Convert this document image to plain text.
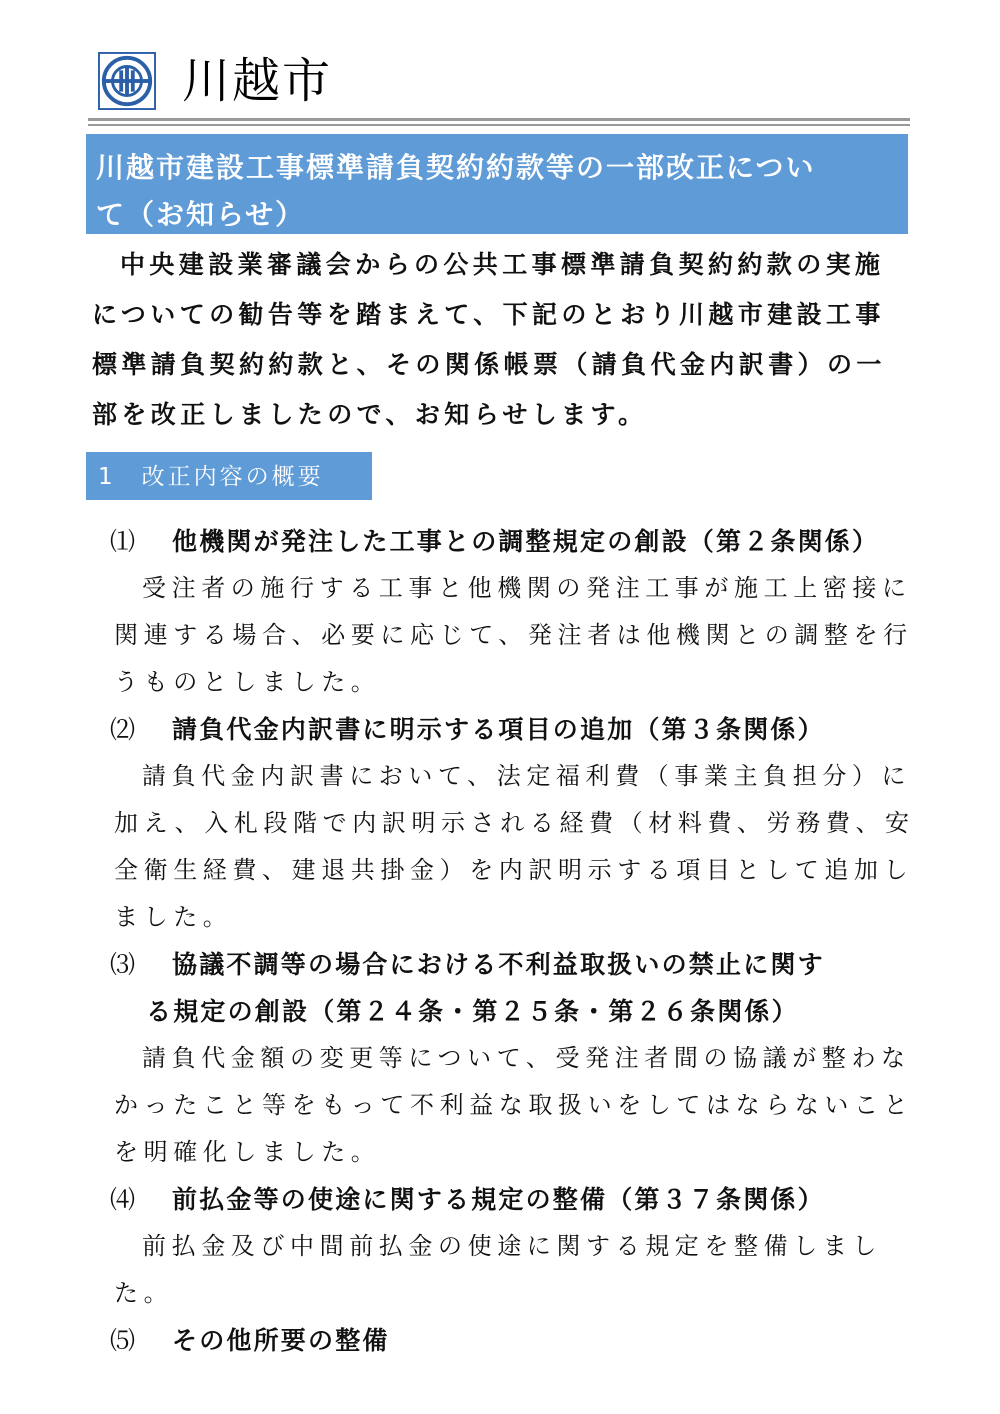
川越市
川越市建設工事標準請負契約約款等の一部改正につい
て（お知らせ）

中央建設業審議会からの公共工事標準請負契約約款の実施についての勧告等を踏まえて、下記のとおり川越市建設工事標準請負契約約款と、その関係帳票（請負代金内訳書）の一部を改正しましたので、お知らせします。

1　改正内容の概要
⑴ 他機関が発注した工事との調整規定の創設（第２条関係）

受注者の施行する工事と他機関の発注工事が施工上密接に関連する場合、必要に応じて、発注者は他機関との調整を行うものとしました。

⑵ 請負代金内訳書に明示する項目の追加（第３条関係）

請負代金内訳書において、法定福利費（事業主負担分）に加え、入札段階で内訳明示される経費（材料費、労務費、安全衛生経費、建退共掛金）を内訳明示する項目として追加しました。

⑶ 協議不調等の場合における不利益取扱いの禁止に関す
る規定の創設（第２４条・第２５条・第２６条関係）

請負代金額の変更等について、受発注者間の協議が整わなかったこと等をもって不利益な取扱いをしてはならないことを明確化しました。

⑷ 前払金等の使途に関する規定の整備（第３７条関係）

前払金及び中間前払金の使途に関する規定を整備しました。

⑸ その他所要の整備
